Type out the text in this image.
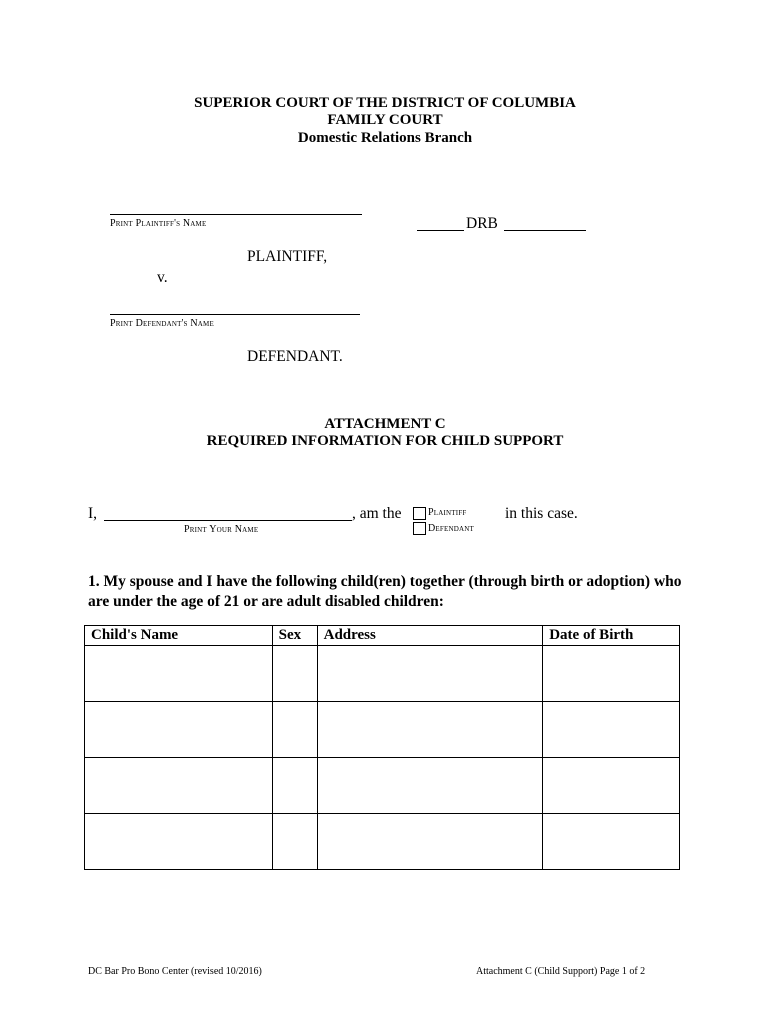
SUPERIOR COURT OF THE DISTRICT OF COLUMBIA
FAMILY COURT
Domestic Relations Branch
Print Plaintiff's Name	DRB
PLAINTIFF,
v.
Print Defendant's Name
DEFENDANT.
ATTACHMENT C
REQUIRED INFORMATION FOR CHILD SUPPORT
I,	, am the
Print Your Name
Plaintiff
Defendant
in this case.
1. My spouse and I have the following child(ren) together (through birth or adoption) who are under the age of 21 or are adult disabled children:
Child's Name	Sex	Address	Date of Birth

DC Bar Pro Bono Center (revised 10/2016)	Attachment C (Child Support) Page 1 of 2
